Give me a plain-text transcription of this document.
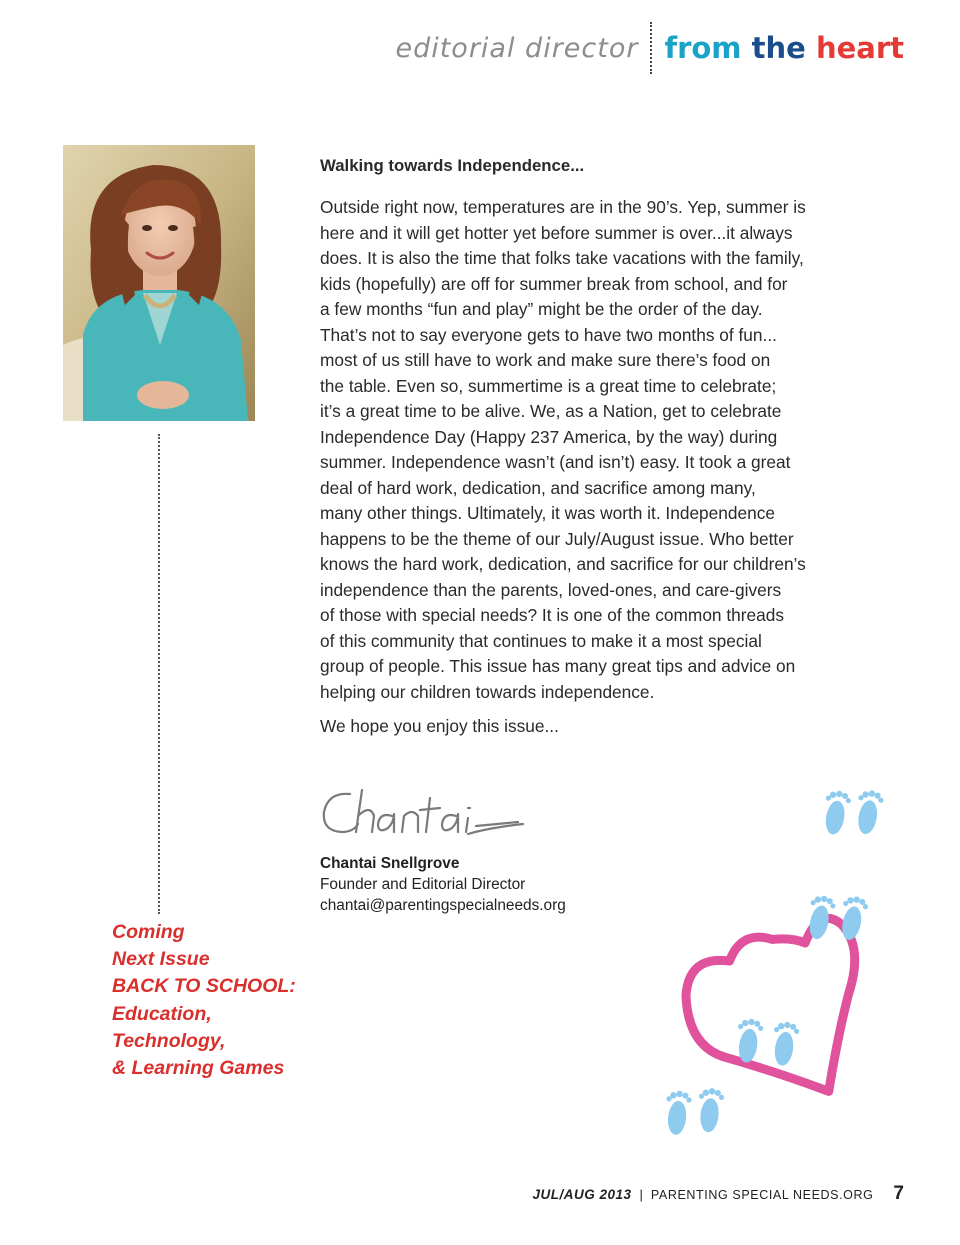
editorial director from the heart
Coming
Next Issue
BACK TO SCHOOL:
Education,
Technology,
& Learning Games
Walking towards Independence...

Outside right now, temperatures are in the 90’s. Yep, summer is

here and it will get hotter yet before summer is over...it always

does. It is also the time that folks take vacations with the family,

kids (hopefully) are off for summer break from school, and for

a few months “fun and play” might be the order of the day.

That’s not to say everyone gets to have two months of fun...

most of us still have to work and make sure there’s food on

the table. Even so, summertime is a great time to celebrate;

it’s a great time to be alive. We, as a Nation, get to celebrate

Independence Day (Happy 237 America, by the way) during

summer. Independence wasn’t (and isn’t) easy. It took a great

deal of hard work, dedication, and sacrifice among many,

many other things. Ultimately, it was worth it. Independence

happens to be the theme of our July/August issue. Who better

knows the hard work, dedication, and sacrifice for our children’s

independence than the parents, loved-ones, and care-givers

of those with special needs? It is one of the common threads

of this community that continues to make it a most special

group of people. This issue has many great tips and advice on

helping our children towards independence.

We hope you enjoy this issue...
Chantai Snellgrove
Founder and Editorial Director
chantai@parentingspecialneeds.org
JUL/AUG 2013 | PARENTING SPECIAL NEEDS.ORG 7
